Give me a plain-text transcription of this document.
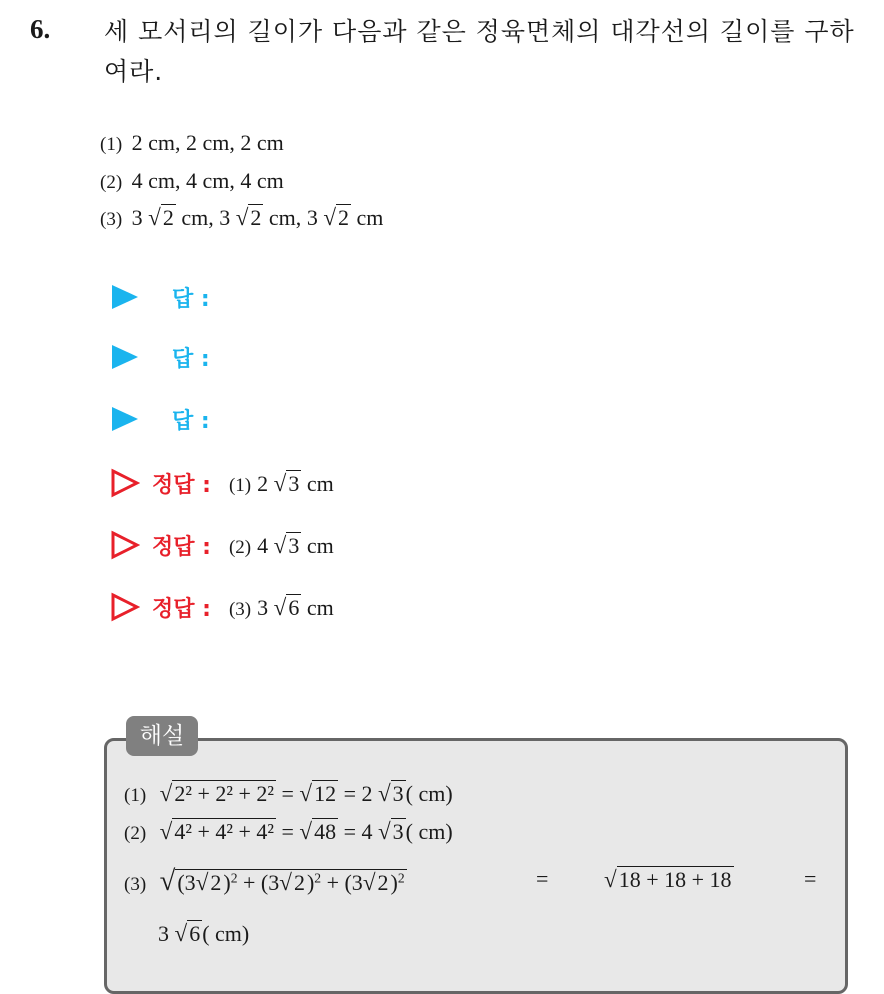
6. 세 모서리의 길이가 다음과 같은 정육면체의 대각선의 길이를 구하여라.
(1) 2 cm, 2 cm, 2 cm
(2) 4 cm, 4 cm, 4 cm
(3) 3 √2 cm, 3 √2 cm, 3 √2 cm
답 :
답 :
답 :
정답 : (1) 2 √3 cm
정답 : (2) 4 √3 cm
정답 : (3) 3 √6 cm
해설
(1) √2² + 2² + 2² = √12 = 2 √3( cm)
(2) √4² + 4² + 4² = √48 = 4 √3( cm)
(3) $√(3√2)^2 + (3√2)^2 + (3√2)^2$	= √18 + 18 + 18	=
3 √6( cm)
